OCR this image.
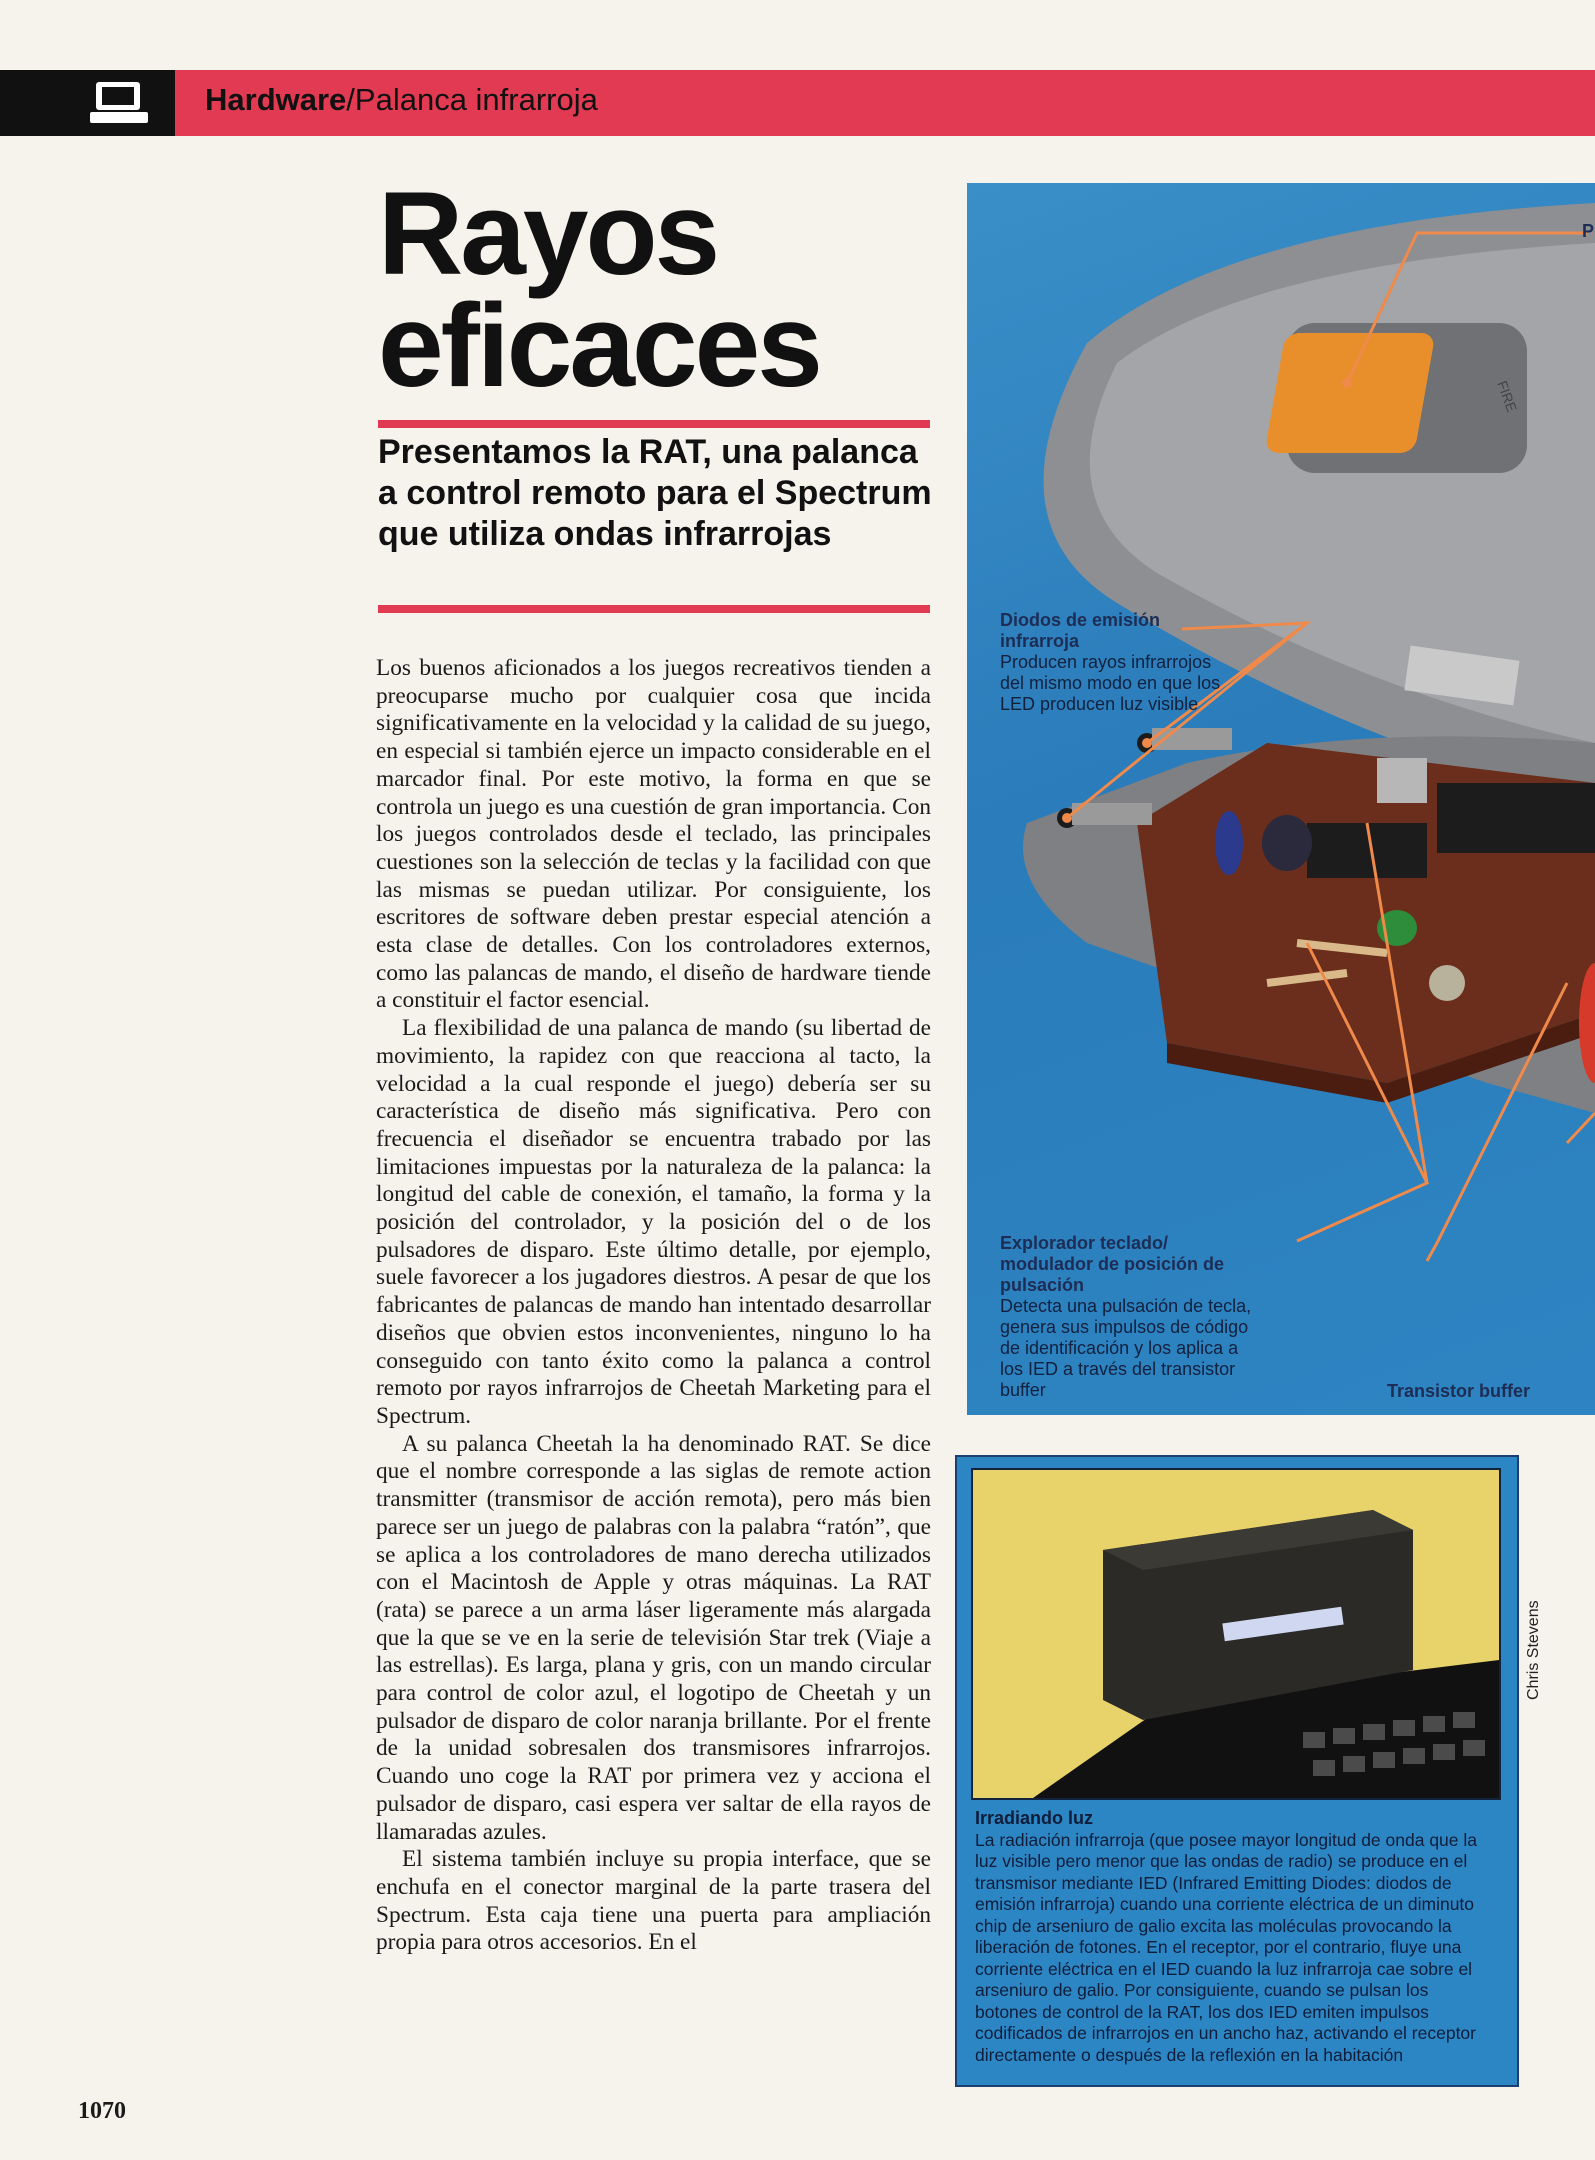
Hardware/Palanca infrarroja
Rayos
eficaces
Presentamos la RAT, una palanca a control remoto para el Spectrum que utiliza ondas infrarrojas

Los buenos aficionados a los juegos recreativos tienden a preocuparse mucho por cualquier cosa que incida significativamente en la velocidad y la calidad de su juego, en especial si también ejerce un impacto considerable en el marcador final. Por este motivo, la forma en que se controla un juego es una cuestión de gran importancia. Con los juegos controlados desde el teclado, las principales cuestiones son la selección de teclas y la facilidad con que las mismas se puedan utilizar. Por consiguiente, los escritores de software deben prestar especial atención a esta clase de detalles. Con los controladores externos, como las palancas de mando, el diseño de hardware tiende a constituir el factor esencial.

La flexibilidad de una palanca de mando (su libertad de movimiento, la rapidez con que reacciona al tacto, la velocidad a la cual responde el juego) debería ser su característica de diseño más significativa. Pero con frecuencia el diseñador se encuentra trabado por las limitaciones impuestas por la naturaleza de la palanca: la longitud del cable de conexión, el tamaño, la forma y la posición del controlador, y la posición del o de los pulsadores de disparo. Este último detalle, por ejemplo, suele favorecer a los jugadores diestros. A pesar de que los fabricantes de palancas de mando han intentado desarrollar diseños que obvien estos inconvenientes, ninguno lo ha conseguido con tanto éxito como la palanca a control remoto por rayos infrarrojos de Cheetah Marketing para el Spectrum.

A su palanca Cheetah la ha denominado RAT. Se dice que el nombre corresponde a las siglas de remote action transmitter (transmisor de acción remota), pero más bien parece ser un juego de palabras con la palabra “ratón”, que se aplica a los controladores de mano derecha utilizados con el Macintosh de Apple y otras máquinas. La RAT (rata) se parece a un arma láser ligeramente más alargada que la que se ve en la serie de televisión Star trek (Viaje a las estrellas). Es larga, plana y gris, con un mando circular para control de color azul, el logotipo de Cheetah y un pulsador de disparo de color naranja brillante. Por el frente de la unidad sobresalen dos transmisores infrarrojos. Cuando uno coge la RAT por primera vez y acciona el pulsador de disparo, casi espera ver saltar de ella rayos de llamaradas azules.

El sistema también incluye su propia interface, que se enchufa en el conector marginal de la parte trasera del Spectrum. Esta caja tiene una puerta para ampliación propia para otros accesorios. En el

1070
FIRE
P
Diodos de emisión infrarroja
Producen rayos infrarrojos del mismo modo en que los LED producen luz visible
Explorador teclado/ modulador de posición de pulsación
Detecta una pulsación de tecla, genera sus impulsos de código de identificación y los aplica a los IED a través del transistor buffer	Transistor buffer
Irradiando luz
La radiación infrarroja (que posee mayor longitud de onda que la luz visible pero menor que las ondas de radio) se produce en el transmisor mediante IED (Infrared Emitting Diodes: diodos de emisión infrarroja) cuando una corriente eléctrica de un diminuto chip de arseniuro de galio excita las moléculas provocando la liberación de fotones. En el receptor, por el contrario, fluye una corriente eléctrica en el IED cuando la luz infrarroja cae sobre el arseniuro de galio. Por consiguiente, cuando se pulsan los botones de control de la RAT, los dos IED emiten impulsos codificados de infrarrojos en un ancho haz, activando el receptor directamente o después de la reflexión en la habitación
Chris Stevens
